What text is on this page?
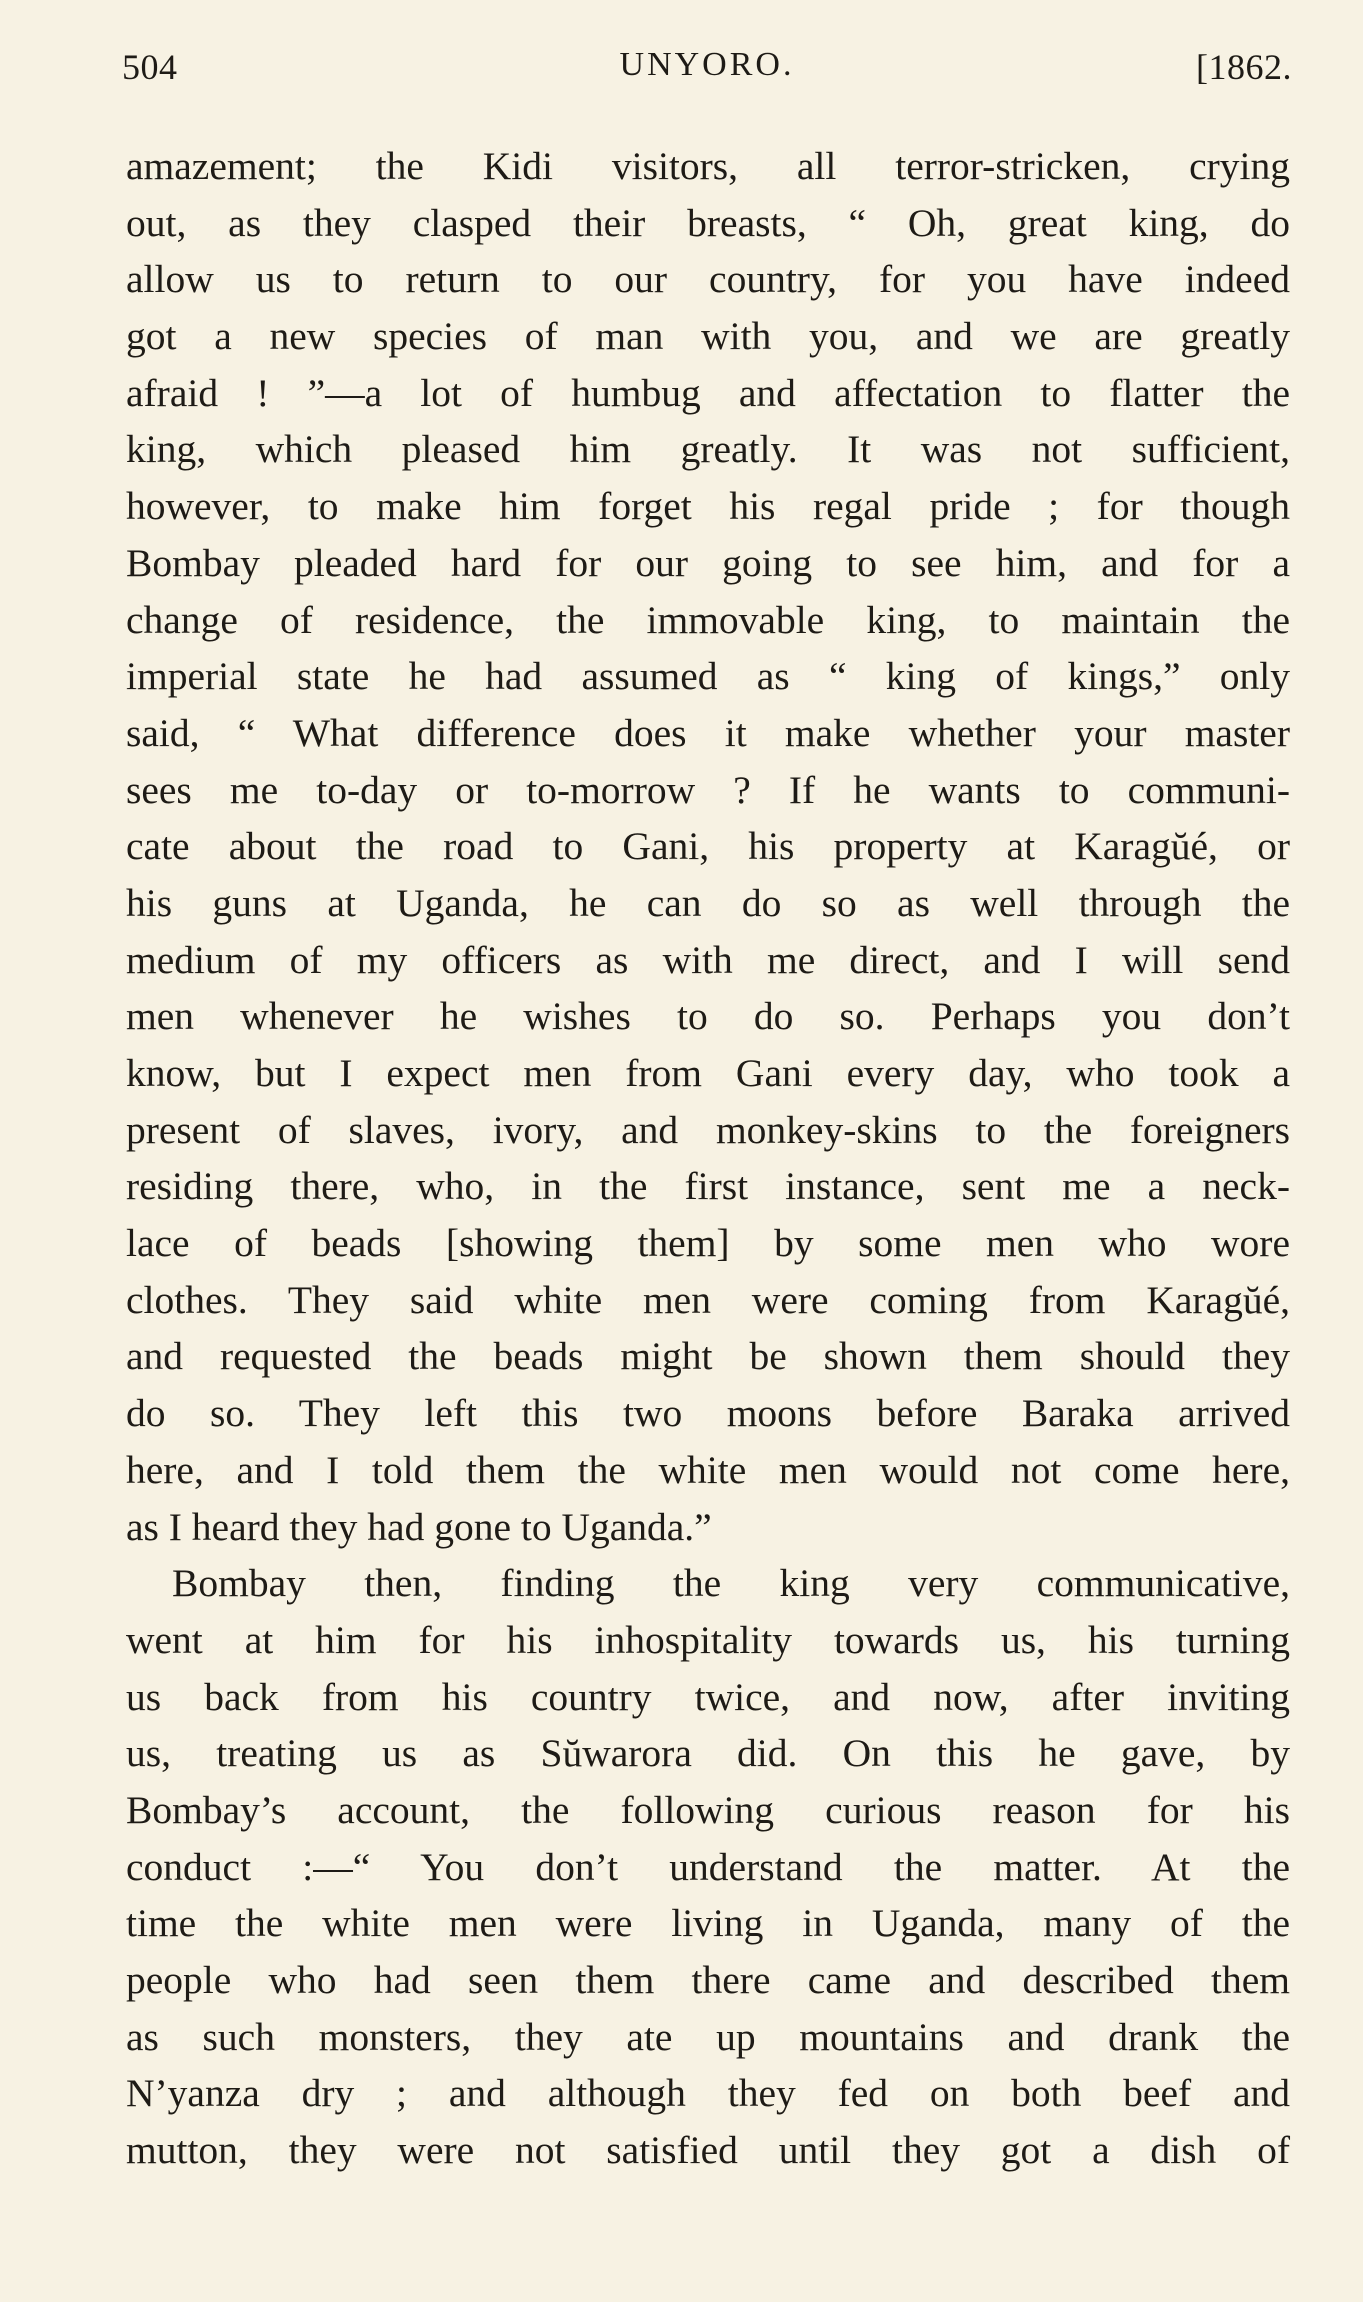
504	UNYORO.	[1862.
amazement; the Kidi visitors, all terror-stricken, crying
out, as they clasped their breasts, “ Oh, great king, do
allow us to return to our country, for you have indeed
got a new species of man with you, and we are greatly
afraid ! ”—a lot of humbug and affectation to flatter the
king, which pleased him greatly. It was not sufficient,
however, to make him forget his regal pride ; for though
Bombay pleaded hard for our going to see him, and for a
change of residence, the immovable king, to maintain the
imperial state he had assumed as “ king of kings,” only
said, “ What difference does it make whether your master
sees me to-day or to-morrow ? If he wants to communi-
cate about the road to Gani, his property at Karagŭé, or
his guns at Uganda, he can do so as well through the
medium of my officers as with me direct, and I will send
men whenever he wishes to do so. Perhaps you don’t
know, but I expect men from Gani every day, who took a
present of slaves, ivory, and monkey-skins to the foreigners
residing there, who, in the first instance, sent me a neck-
lace of beads [showing them] by some men who wore
clothes. They said white men were coming from Karagŭé,
and requested the beads might be shown them should they
do so. They left this two moons before Baraka arrived
here, and I told them the white men would not come here,
as I heard they had gone to Uganda.”
Bombay then, finding the king very communicative,
went at him for his inhospitality towards us, his turning
us back from his country twice, and now, after inviting
us, treating us as Sŭwarora did. On this he gave, by
Bombay’s account, the following curious reason for his
conduct :—“ You don’t understand the matter. At the
time the white men were living in Uganda, many of the
people who had seen them there came and described them
as such monsters, they ate up mountains and drank the
N’yanza dry ; and although they fed on both beef and
mutton, they were not satisfied until they got a dish of
